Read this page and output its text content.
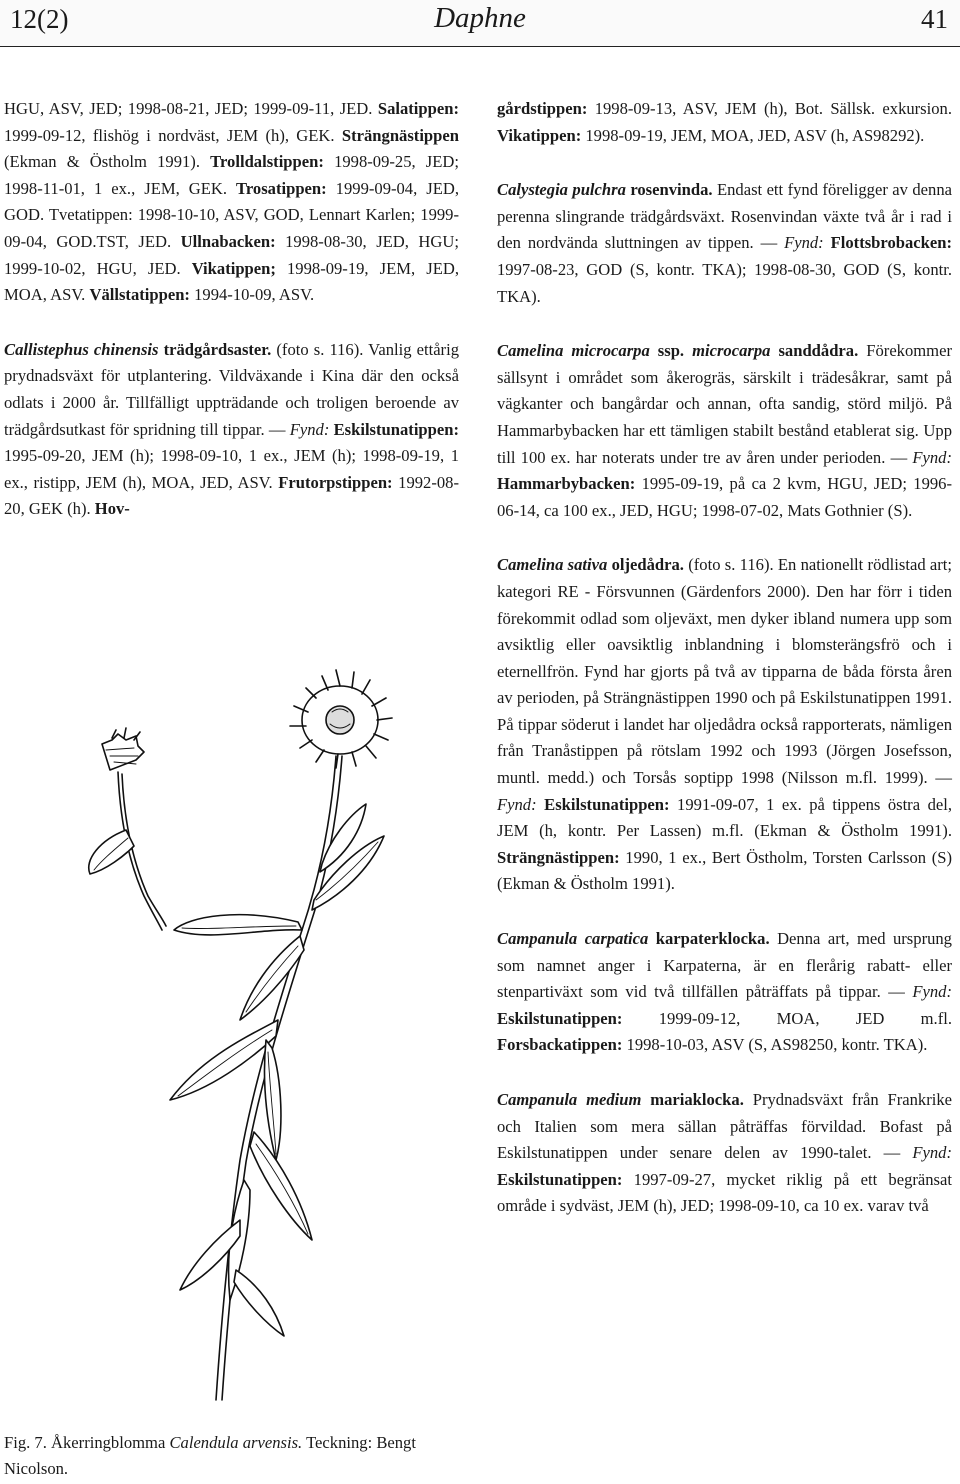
12(2)	Daphne	41

HGU, ASV, JED; 1998-08-21, JED; 1999-09-11, JED. Salatippen: 1999-09-12, flishög i nordväst, JEM (h), GEK. Strängnästippen (Ekman & Östholm 1991). Trolldalstippen: 1998-09-25, JED; 1998-11-01, 1 ex., JEM, GEK. Trosatippen: 1999-09-04, JED, GOD. Tvetatippen: 1998-10-10, ASV, GOD, Lennart Karlen; 1999-09-04, GOD.TST, JED. Ullnabacken: 1998-08-30, JED, HGU; 1999-10-02, HGU, JED. Vikatippen; 1998-09-19, JEM, JED, MOA, ASV. Vällstatippen: 1994-10-09, ASV.

Callistephus chinensis trädgårdsaster. (foto s. 116). Vanlig ettårig prydnadsväxt för utplantering. Vildväxande i Kina där den också odlats i 2000 år. Tillfälligt uppträdande och troligen beroende av trädgårdsutkast för spridning till tippar. — Fynd: Eskilstunatippen: 1995-09-20, JEM (h); 1998-09-10, 1 ex., JEM (h); 1998-09-19, 1 ex., ristipp, JEM (h), MOA, JED, ASV. Frutorpstippen: 1992-08-20, GEK (h). Hov-

gårdstippen: 1998-09-13, ASV, JEM (h), Bot. Sällsk. exkursion. Vikatippen: 1998-09-19, JEM, MOA, JED, ASV (h, AS98292).

Calystegia pulchra rosenvinda. Endast ett fynd föreligger av denna perenna slingrande trädgårdsväxt. Rosenvindan växte två år i rad i den nordvända sluttningen av tippen. — Fynd: Flottsbrobacken: 1997-08-23, GOD (S, kontr. TKA); 1998-08-30, GOD (S, kontr. TKA).

Camelina microcarpa ssp. microcarpa sanddådra. Förekommer sällsynt i området som åkerogräs, särskilt i trädesåkrar, samt på vägkanter och bangårdar och annan, ofta sandig, störd miljö. På Hammarbybacken har ett tämligen stabilt bestånd etablerat sig. Upp till 100 ex. har noterats under tre av åren under perioden. — Fynd: Hammarbybacken: 1995-09-19, på ca 2 kvm, HGU, JED; 1996-06-14, ca 100 ex., JED, HGU; 1998-07-02, Mats Gothnier (S).

Camelina sativa oljedådra. (foto s. 116). En nationellt rödlistad art; kategori RE - Försvunnen (Gärdenfors 2000). Den har förr i tiden förekommit odlad som oljeväxt, men dyker ibland numera upp som avsiktlig eller oavsiktlig inblandning i blomsterängsfrö och i eternellfrön. Fynd har gjorts på två av tipparna de båda första åren av perioden, på Strängnästippen 1990 och på Eskilstunatippen 1991. På tippar söderut i landet har oljedådra också rapporterats, nämligen från Tranåstippen på rötslam 1992 och 1993 (Jörgen Josefsson, muntl. medd.) och Torsås soptipp 1998 (Nilsson m.fl. 1999). — Fynd: Eskilstunatippen: 1991-09-07, 1 ex. på tippens östra del, JEM (h, kontr. Per Lassen) m.fl. (Ekman & Östholm 1991). Strängnästippen: 1990, 1 ex., Bert Östholm, Torsten Carlsson (S) (Ekman & Östholm 1991).

Campanula carpatica karpaterklocka. Denna art, med ursprung som namnet anger i Karpaterna, är en flerårig rabatt- eller stenpartiväxt som vid två tillfällen påträffats på tippar. — Fynd: Eskilstunatippen: 1999-09-12, MOA, JED m.fl. Forsbackatippen: 1998-10-03, ASV (S, AS98250, kontr. TKA).

Campanula medium mariaklocka. Prydnadsväxt från Frankrike och Italien som mera sällan påträffas förvildad. Bofast på Eskilstunatippen under senare delen av 1990-talet. — Fynd: Eskilstunatippen: 1997-09-27, mycket riklig på ett begränsat område i sydväst, JEM (h), JED; 1998-09-10, ca 10 ex. varav två

Fig. 7. Åkerringblomma Calendula arvensis. Teckning: Bengt Nicolson.
